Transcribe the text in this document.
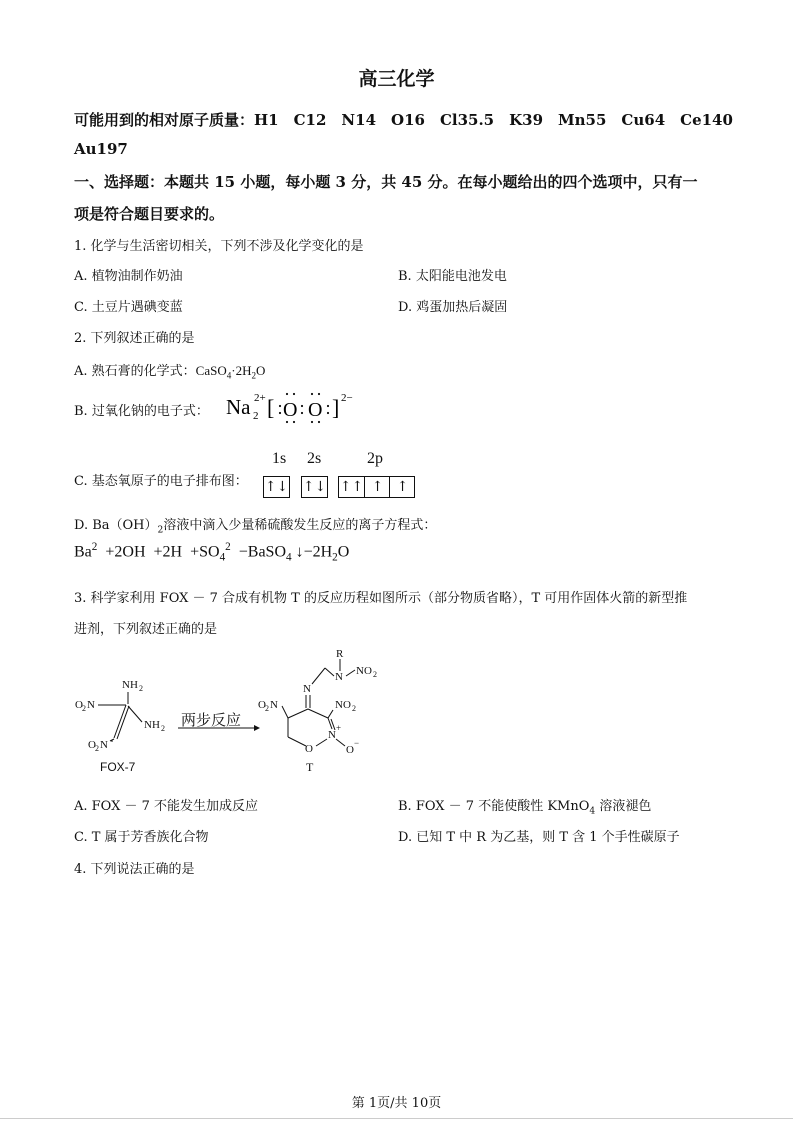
高三化学
可能用到的相对原子质量：H1　C12　N14　O16　Cl35.5　K39　Mn55　Cu64　Ce140
Au197
一、选择题：本题共 15 小题，每小题 3 分，共 45 分。在每小题给出的四个选项中，只有一
项是符合题目要求的。
1. 化学与生活密切相关，下列不涉及化学变化的是
A. 植物油制作奶油	B. 太阳能电池发电
C. 土豆片遇碘变蓝	D. 鸡蛋加热后凝固
2. 下列叙述正确的是
A. 熟石膏的化学式：$CaSO_4\cdot 2H_2O$
B. 过氧化钠的电子式： Na 2
2+ [ O O ] 2−
C. 基态氧原子的电子排布图：
1s 2s	2p
↑↓ ↑↓ ↑↑ ↑ ↑
D. $Ba(OH)_2$溶液中滴入少量稀硫酸发生反应的离子方程式：
$Ba^2 +2OH +2H +SO_4^2$  −BaSO$_4$ $↓-2H_2O$
3. 科学家利用 FOX － 7 合成有机物 T 的反应历程如图所示（部分物质省略），T 可用作固体火箭的新型推
进剂，下列叙述正确的是
NH 2
O 2 N
NH 2
O 2 N
R
N NO 2
N
O 2 N	NO 2
N
+
O	O
−
两步反应
FOX-7	T
A. FOX － 7 不能发生加成反应	B. FOX － 7 不能使酸性 KMnO$_4$ 溶液褪色
C. T 属于芳香族化合物	D. 已知 T 中 R 为乙基，则 T 含 1 个手性碳原子
4. 下列说法正确的是
第 1页/共 10页
